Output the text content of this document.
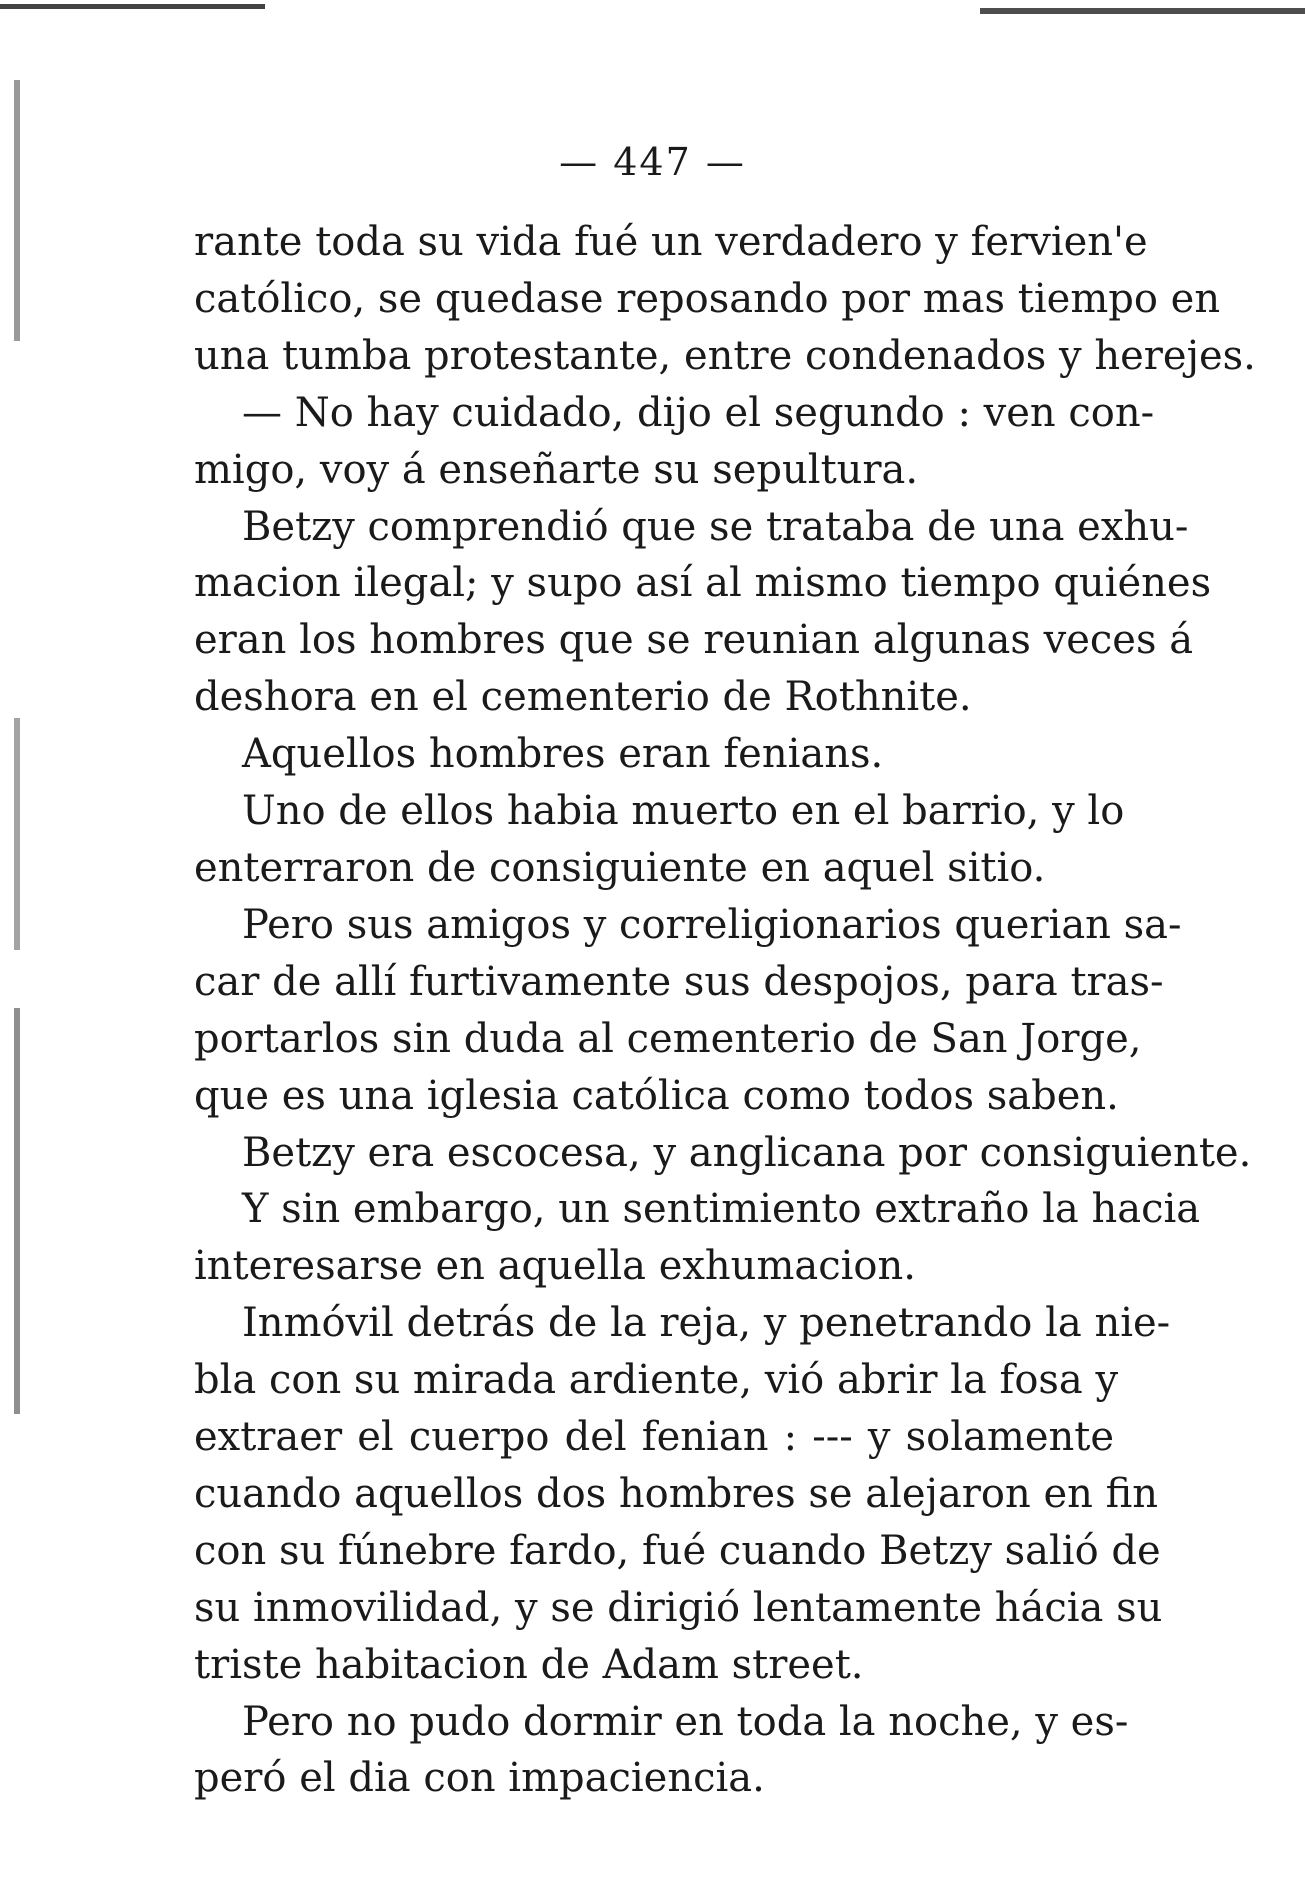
— 447 —
rante toda su vida fué un verdadero y fervien'e
católico, se quedase reposando por mas tiempo en
una tumba protestante, entre condenados y herejes.
— No hay cuidado, dijo el segundo : ven con-
migo, voy á enseñarte su sepultura.
Betzy comprendió que se trataba de una exhu-
macion ilegal; y supo así al mismo tiempo quiénes
eran los hombres que se reunian algunas veces á
deshora en el cementerio de Rothnite.
Aquellos hombres eran fenians.
Uno de ellos habia muerto en el barrio, y lo
enterraron de consiguiente en aquel sitio.
Pero sus amigos y correligionarios querian sa-
car de allí furtivamente sus despojos, para tras-
portarlos sin duda al cementerio de San Jorge,
que es una iglesia católica como todos saben.
Betzy era escocesa, y anglicana por consiguiente.
Y sin embargo, un sentimiento extraño la hacia
interesarse en aquella exhumacion.
Inmóvil detrás de la reja, y penetrando la nie-
bla con su mirada ardiente, vió abrir la fosa y
extraer el cuerpo del fenian : --- y solamente
cuando aquellos dos hombres se alejaron en fin
con su fúnebre fardo, fué cuando Betzy salió de
su inmovilidad, y se dirigió lentamente hácia su
triste habitacion de Adam street.
Pero no pudo dormir en toda la noche, y es-
peró el dia con impaciencia.
